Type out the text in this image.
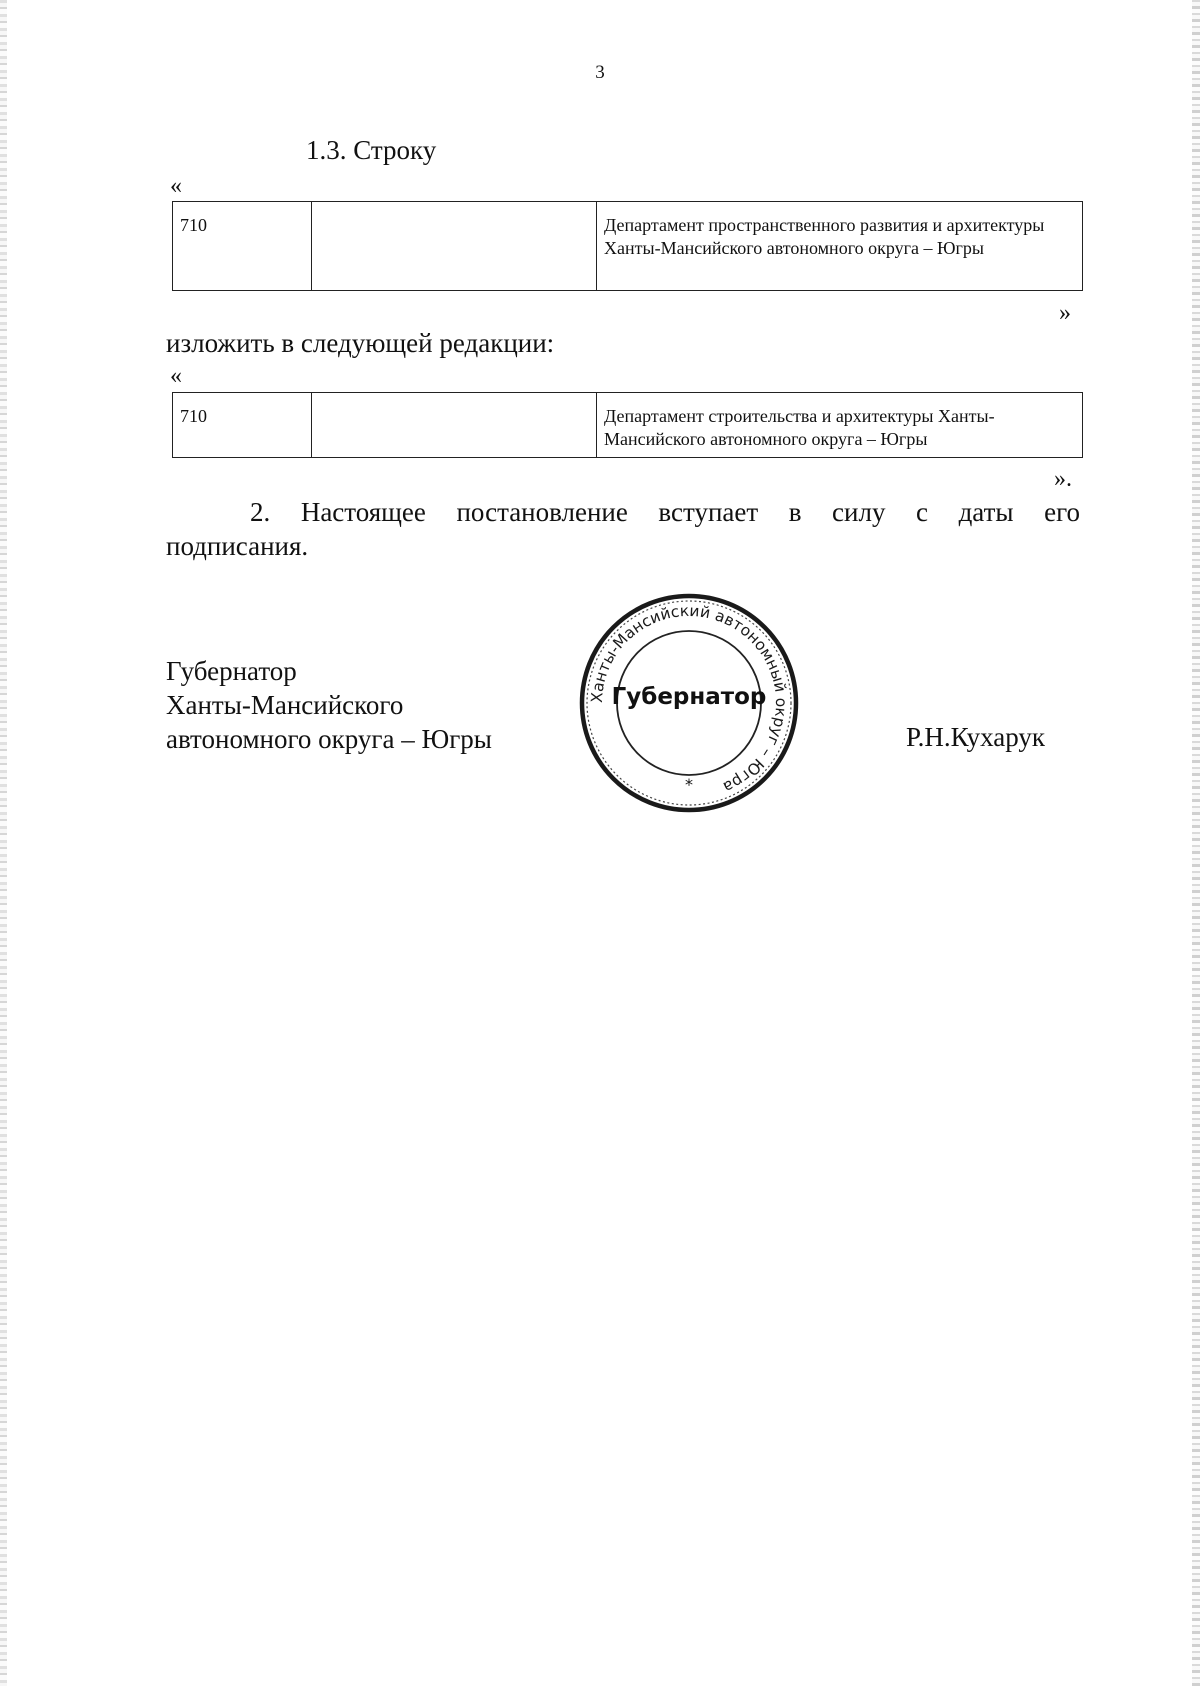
3
1.3. Строку
«
710		Департамент пространственного развития и архитектуры Ханты-Мансийского автономного округа – Югры
»
изложить в следующей редакции:
«
710		Департамент строительства и архитектуры Ханты-Мансийского автономного округа – Югры
».
2. Настоящее постановление вступает в силу с даты его
подписания.
Губернатор
Ханты-Мансийского
автономного округа – Югры
Ханты-Мансийский автономный округ – Югра
Губернатор
*
Р.Н.Кухарук
